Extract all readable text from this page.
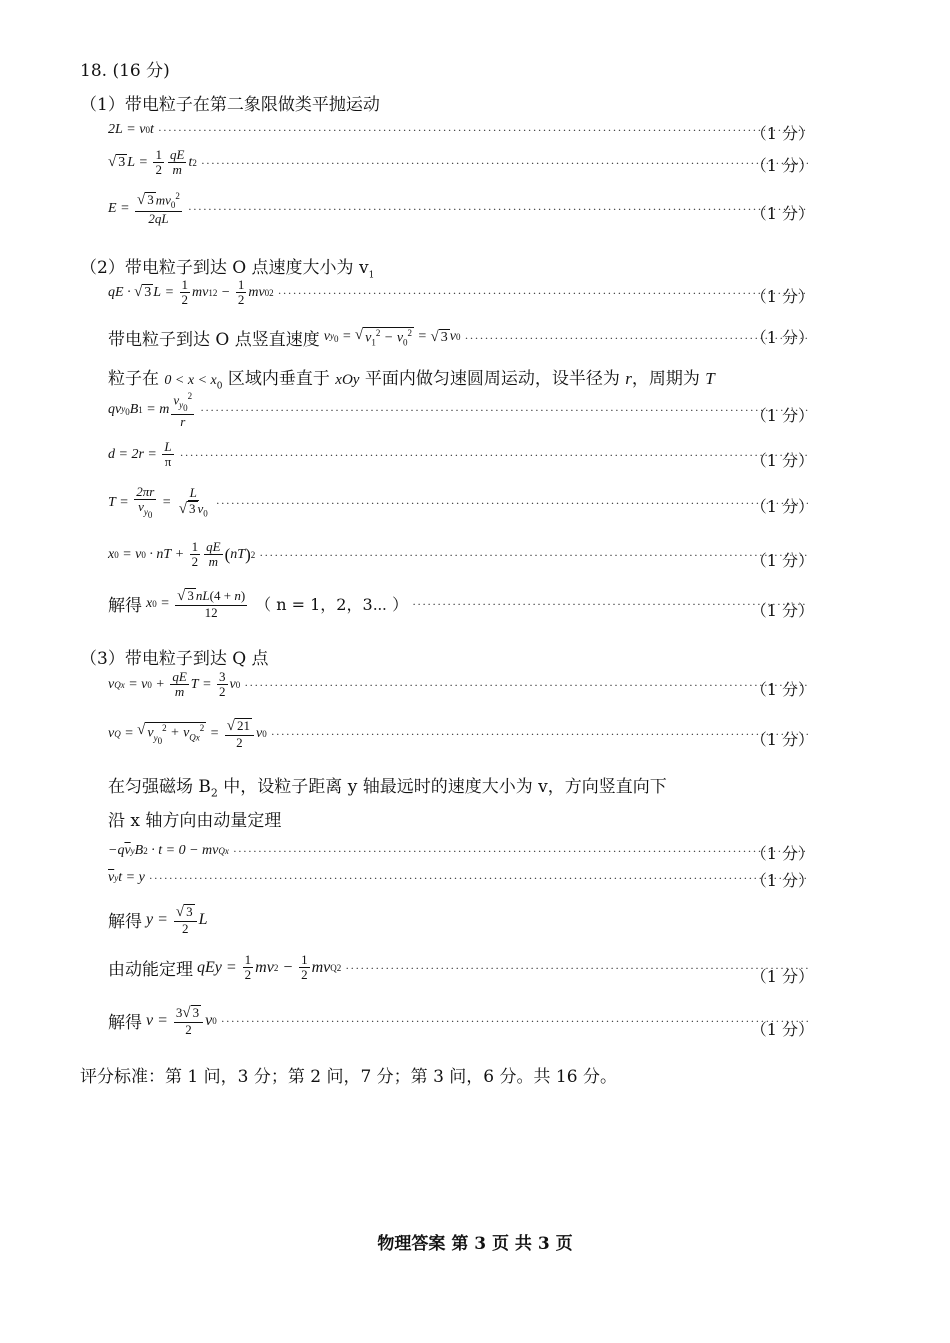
18. (16 分)
（1）带电粒子在第二象限做类平抛运动
2 L = v 0 t ·····	（1 分）
√ 3 $L = \frac{1}{2} \frac{qE}{m}$ t 2 ·····	（1 分）
$E = \frac{√ 3 mv_0^2}{2qL}$ ·····	（1 分）
（2）带电粒子到达 O 点速度大小为 $v_1$
qE · √ 3 $L = \frac{1}{2}$ mv 1 $2 - \frac{1}{2}$ mv 0 2 ·····	（1 分）
带电粒子到达 O 点竖直速度 v $y_0$ = √ $v_1^2 - v_0^2$ = √ 3 v 0 ·····	（1 分）
粒子在 $0 < x < x_0$ 区域内垂直于 xOy 平面内做匀速圆周运动，设半径为 r，周期为 T
qv $y_0$ B 1 = m $\frac{v_{y_0}^2}{r}$ ·····	（1 分）
d = 2 $r = \frac{L}{\pi}$ ·····	（1 分）
$T = \frac{2\pi r}{v_{y_0}} = \frac{L}{√ 3 v_0}$ ·····	（1 分）
x 0 = v 0 · nT + $\frac{1}{2} \frac{qE}{m}$ ( nT ) 2 ·····	（1 分）
解得 x $0 = \frac{√ 3 nL(4 + n)}{12}$ （ n = 1，2，3⋯ ） ·····	（1 分）
（3）带电粒子到达 Q 点
v Qx = v $0 + \frac{qE}{m}$ $T = \frac{3}{2}$ v 0 ·····	（1 分）
v Q = √ $v_{y_0}^2 + v_{Qx}^2 = \frac{√ 21}{2}$ v 0 ·····	（1 分）
在匀强磁场 $B_2$ 中，设粒子距离 y 轴最远时的速度大小为 v，方向竖直向下
沿 x 轴方向由动量定理
− q $\overline{v}$ y B 2 · t = 0 − mv Qx ·····	（1 分）
$\overline{v}$ y t = y ·····	（1 分）
解得 $y = \frac{√ 3}{2}$ L
由动能定理 qEy = $\frac{1}{2}$ mv $2 - \frac{1}{2}$ mv Q 2 ·····	（1 分）
解得 $v = \frac{3 √ 3}{2}$ v 0 ·····	（1 分）
评分标准：第 1 问，3 分；第 2 问，7 分；第 3 问，6 分。共 16 分。
物理答案 第 3 页 共 3 页
